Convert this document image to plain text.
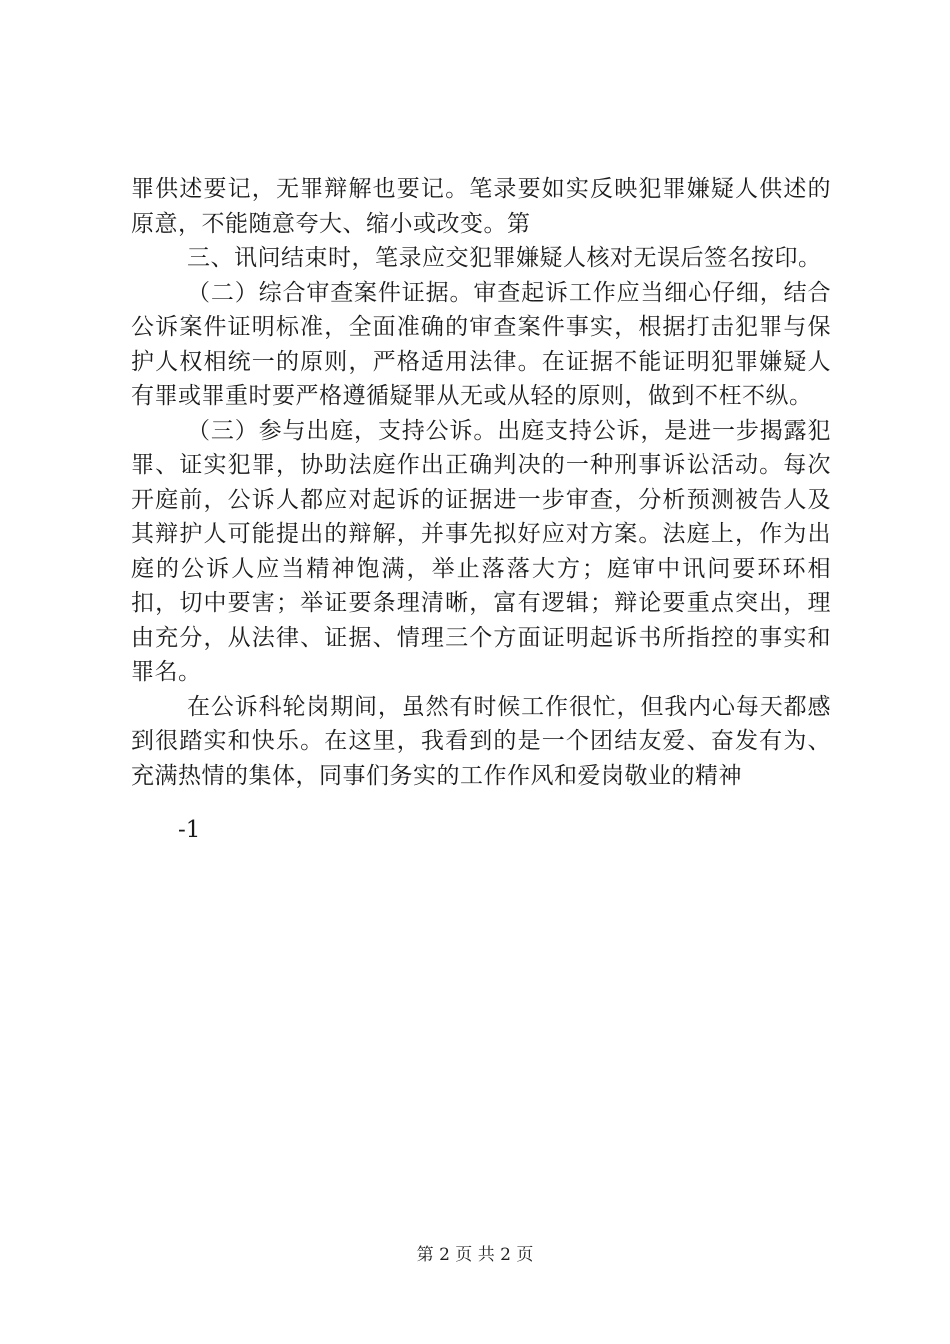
罪供述要记，无罪辩解也要记。笔录要如实反映犯罪嫌疑人供述的原意，不能随意夸大、缩小或改变。第

三、讯问结束时，笔录应交犯罪嫌疑人核对无误后签名按印。

（二）综合审查案件证据。审查起诉工作应当细心仔细，结合公诉案件证明标准，全面准确的审查案件事实，根据打击犯罪与保护人权相统一的原则，严格适用法律。在证据不能证明犯罪嫌疑人有罪或罪重时要严格遵循疑罪从无或从轻的原则，做到不枉不纵。

（三）参与出庭，支持公诉。出庭支持公诉，是进一步揭露犯罪、证实犯罪，协助法庭作出正确判决的一种刑事诉讼活动。每次开庭前，公诉人都应对起诉的证据进一步审查，分析预测被告人及其辩护人可能提出的辩解，并事先拟好应对方案。法庭上，作为出庭的公诉人应当精神饱满，举止落落大方；庭审中讯问要环环相扣，切中要害；举证要条理清晰，富有逻辑；辩论要重点突出，理由充分，从法律、证据、情理三个方面证明起诉书所指控的事实和罪名。

在公诉科轮岗期间，虽然有时候工作很忙，但我内心每天都感到很踏实和快乐。在这里，我看到的是一个团结友爱、奋发有为、充满热情的集体，同事们务实的工作作风和爱岗敬业的精神

-1
第 2 页 共 2 页
